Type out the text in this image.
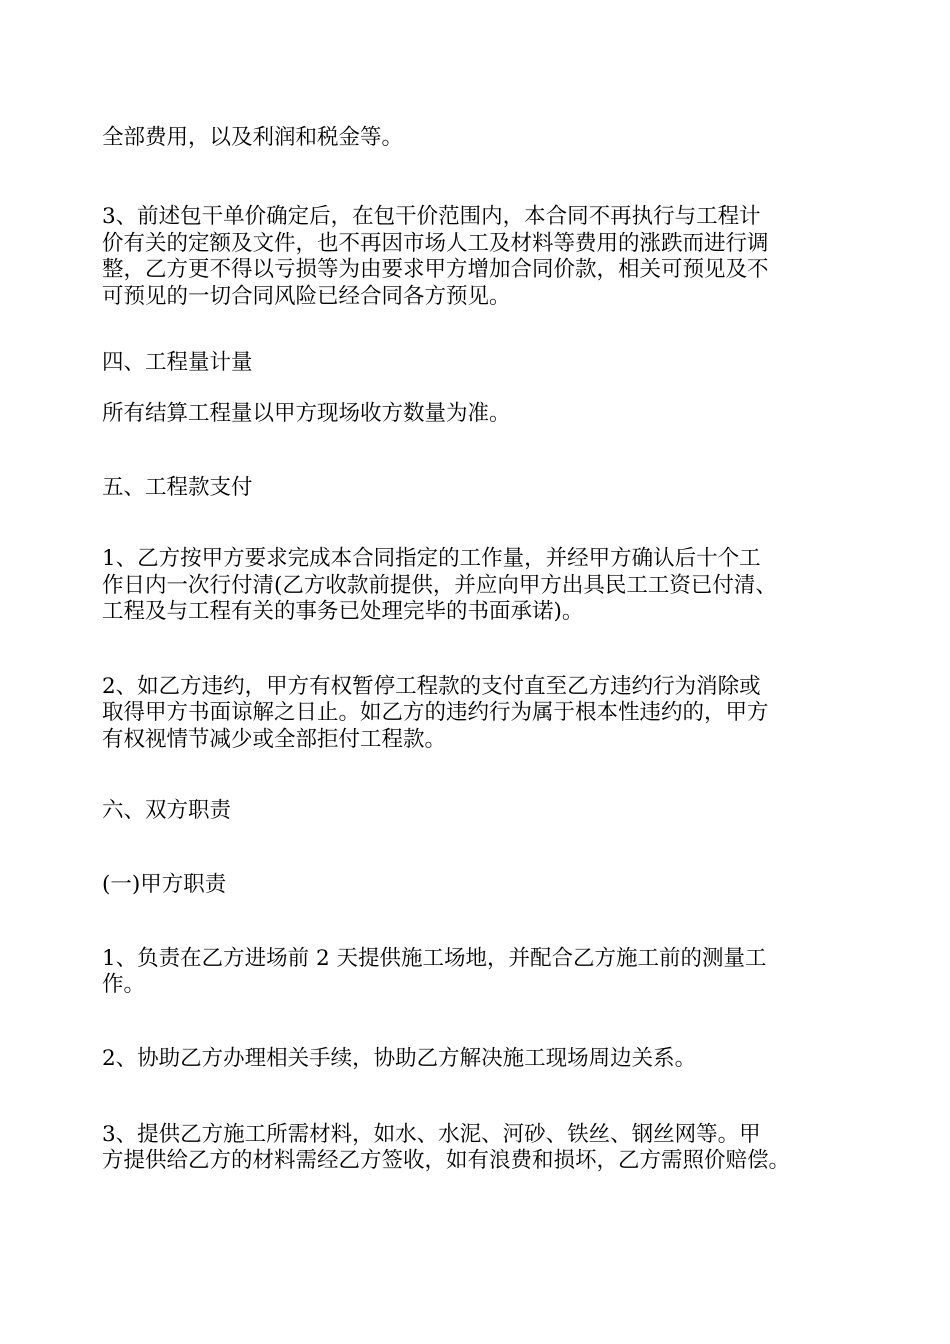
全部费用，以及利润和税金等。

3、前述包干单价确定后，在包干价范围内，本合同不再执行与工程计

价有关的定额及文件，也不再因市场人工及材料等费用的涨跌而进行调

整，乙方更不得以亏损等为由要求甲方增加合同价款，相关可预见及不

可预见的一切合同风险已经合同各方预见。

四、工程量计量

所有结算工程量以甲方现场收方数量为准。

五、工程款支付

1、乙方按甲方要求完成本合同指定的工作量，并经甲方确认后十个工

作日内一次行付清(乙方收款前提供，并应向甲方出具民工工资已付清、

工程及与工程有关的事务已处理完毕的书面承诺)。

2、如乙方违约，甲方有权暂停工程款的支付直至乙方违约行为消除或

取得甲方书面谅解之日止。如乙方的违约行为属于根本性违约的，甲方

有权视情节减少或全部拒付工程款。

六、双方职责

(一)甲方职责

1、负责在乙方进场前 2 天提供施工场地，并配合乙方施工前的测量工

作。

2、协助乙方办理相关手续，协助乙方解决施工现场周边关系。

3、提供乙方施工所需材料，如水、水泥、河砂、铁丝、钢丝网等。甲

方提供给乙方的材料需经乙方签收，如有浪费和损坏，乙方需照价赔偿。
